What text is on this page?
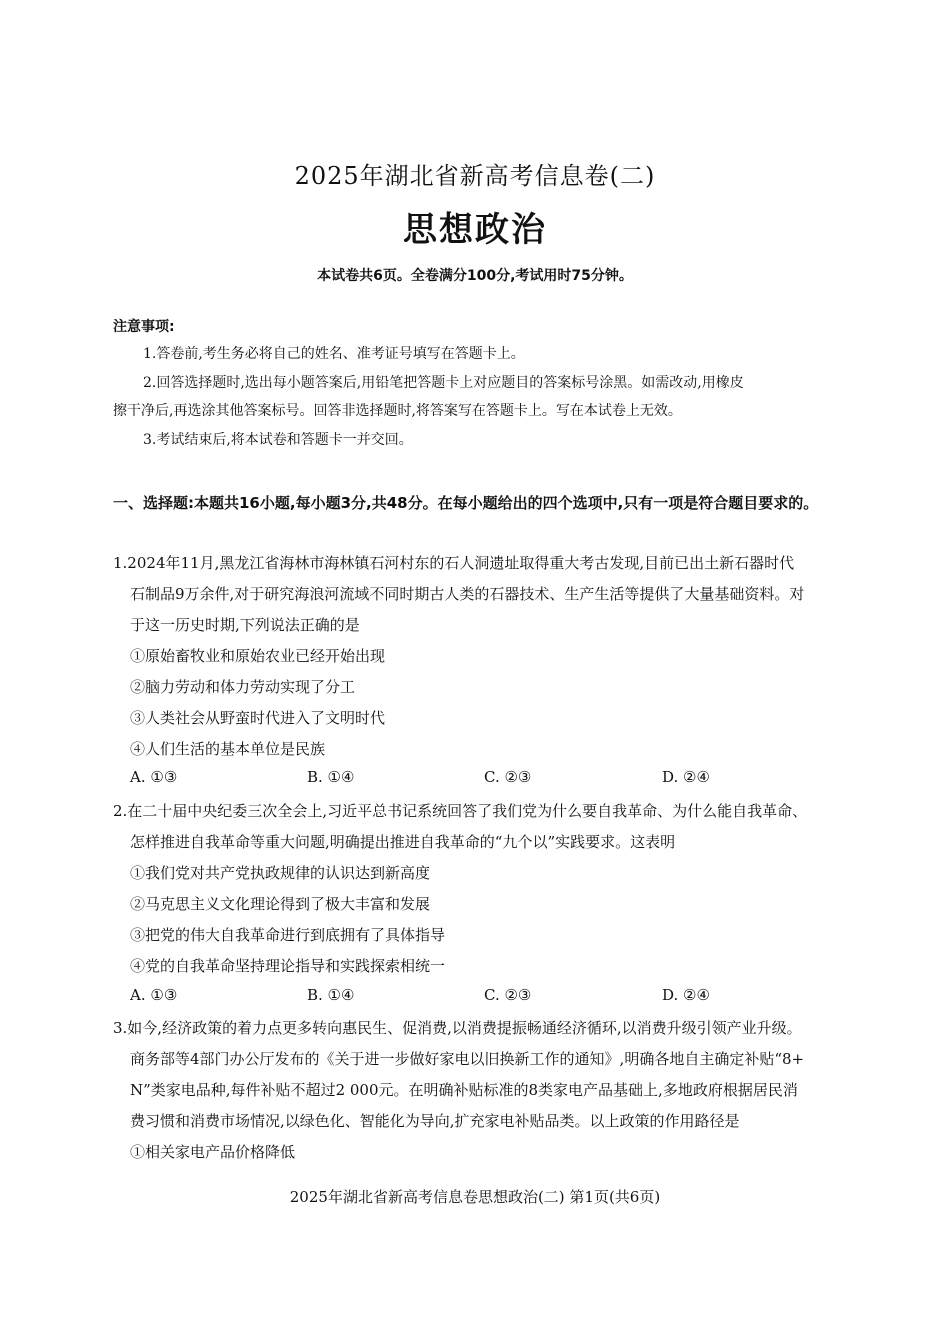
2025年湖北省新高考信息卷(二)
思想政治
本试卷共6页。全卷满分100分,考试用时75分钟。
注意事项:
1.答卷前,考生务必将自己的姓名、准考证号填写在答题卡上。
2.回答选择题时,选出每小题答案后,用铅笔把答题卡上对应题目的答案标号涂黑。如需改动,用橡皮
擦干净后,再选涂其他答案标号。回答非选择题时,将答案写在答题卡上。写在本试卷上无效。
3.考试结束后,将本试卷和答题卡一并交回。
一、选择题:本题共16小题,每小题3分,共48分。在每小题给出的四个选项中,只有一项是符合题目要求的。
1.2024年11月,黑龙江省海林市海林镇石河村东的石人洞遗址取得重大考古发现,目前已出土新石器时代
石制品9万余件,对于研究海浪河流域不同时期古人类的石器技术、生产生活等提供了大量基础资料。对
于这一历史时期,下列说法正确的是
①原始畜牧业和原始农业已经开始出现
②脑力劳动和体力劳动实现了分工
③人类社会从野蛮时代进入了文明时代
④人们生活的基本单位是民族
A. ①③	B. ①④	C. ②③	D. ②④
2.在二十届中央纪委三次全会上,习近平总书记系统回答了我们党为什么要自我革命、为什么能自我革命、
怎样推进自我革命等重大问题,明确提出推进自我革命的“九个以”实践要求。这表明
①我们党对共产党执政规律的认识达到新高度
②马克思主义文化理论得到了极大丰富和发展
③把党的伟大自我革命进行到底拥有了具体指导
④党的自我革命坚持理论指导和实践探索相统一
A. ①③	B. ①④	C. ②③	D. ②④
3.如今,经济政策的着力点更多转向惠民生、促消费,以消费提振畅通经济循环,以消费升级引领产业升级。
商务部等4部门办公厅发布的《关于进一步做好家电以旧换新工作的通知》,明确各地自主确定补贴“8+
N”类家电品种,每件补贴不超过2 000元。在明确补贴标准的8类家电产品基础上,多地政府根据居民消
费习惯和消费市场情况,以绿色化、智能化为导向,扩充家电补贴品类。以上政策的作用路径是
①相关家电产品价格降低
2025年湖北省新高考信息卷思想政治(二) 第1页(共6页)
